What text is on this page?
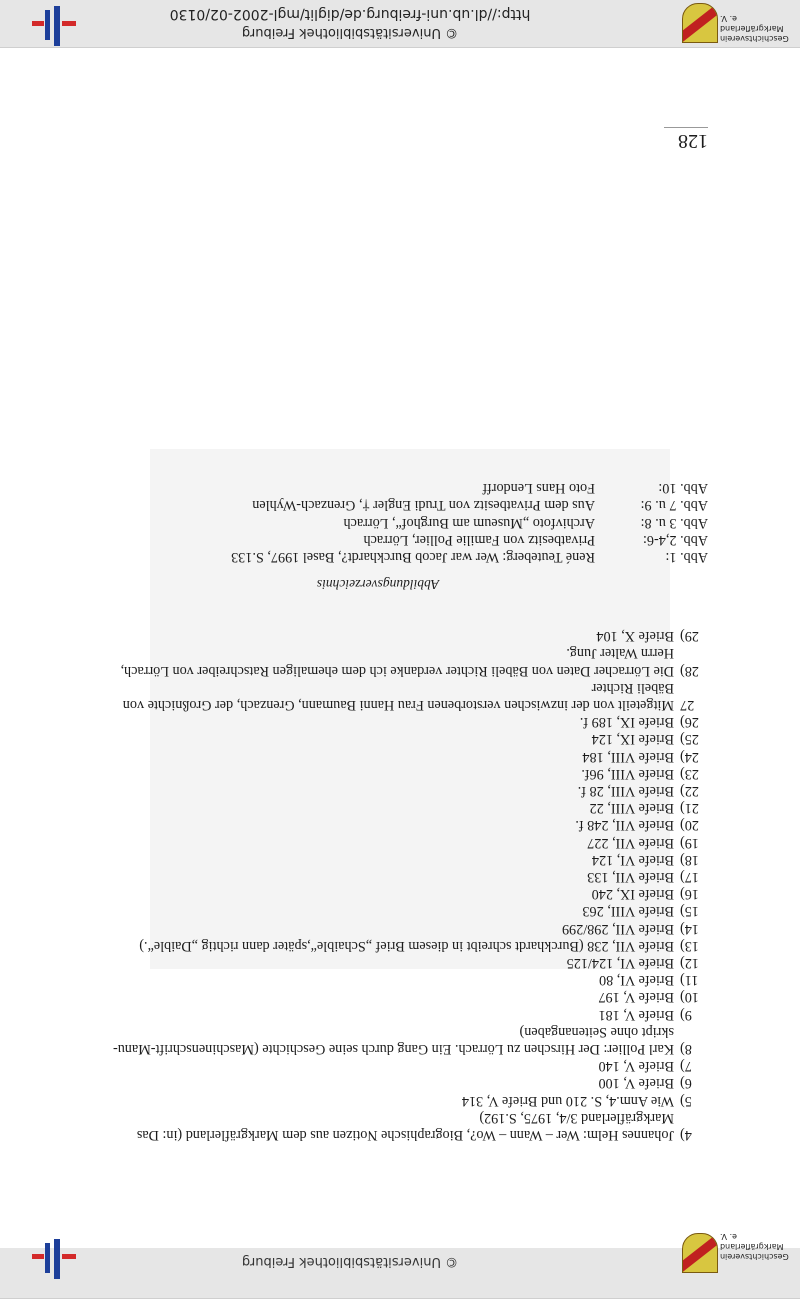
4)
Johannes Helm: Wer – Wann – Wo?, Biographische Notizen aus dem Markgräflerland (in: Das
Markgräflerland 3/4, 1975, S.192)
5)
Wie Anm.4, S. 210 und Briefe V, 314
6)
Briefe V, 100
7)
Briefe V, 140
8)
Karl Pollier: Der Hirschen zu Lörrach. Ein Gang durch seine Geschichte (Maschinenschrift-Manu-
skript ohne Seitenangaben)
9)
Briefe V, 181
10)
Briefe V, 197
11)
Briefe VI, 80
12)
Briefe VI, 124/125
13)
Briefe VII, 238 (Burckhardt schreibt in diesem Brief „Schaible“,später dann richtig „Daible“.)
14)
Briefe VII, 298/299
15)
Briefe VIII, 263
16)
Briefe IX, 240
17)
Briefe VII, 133
18)
Briefe VI, 124
19)
Briefe VII, 227
20)
Briefe VII, 248 f.
21)
Briefe VIII, 22
22)
Briefe VIII, 28 f.
23)
Briefe VIII, 96f.
24)
Briefe VIII, 184
25)
Briefe IX, 124
26)
Briefe IX, 189 f.
27
Mitgeteilt von der inzwischen verstorbenen Frau Hanni Baumann, Grenzach, der Großnichte von
Bäbeli Richter
28)
Die Lörracher Daten von Bäbeli Richter verdanke ich dem ehemaligen Ratschreiber von Lörrach,
Herrn Walter Jung.
29)
Briefe X, 104
Abbildungsverzeichnis
Abb. 1:
René Teuteberg: Wer war Jacob Burckhardt?, Basel 1997, S.133
Abb. 2,4-6:
Privatbesitz von Familie Pollier, Lörrach
Abb. 3 u. 8:
Archivfoto „Museum am Burghof“, Lörrach
Abb. 7 u. 9:
Aus dem Privatbesitz von Trudi Engler †, Grenzach-Wyhlen
Abb. 10:
Foto Hans Lendorff
128
© Universitätsbibliothek Freiburg
http://dl.ub.uni-freiburg.de/diglit/mgl-2002-02/0130
Geschichtsverein Markgräflerland e. V.
© Universitätsbibliothek Freiburg	Geschichtsverein Markgräflerland e. V.
